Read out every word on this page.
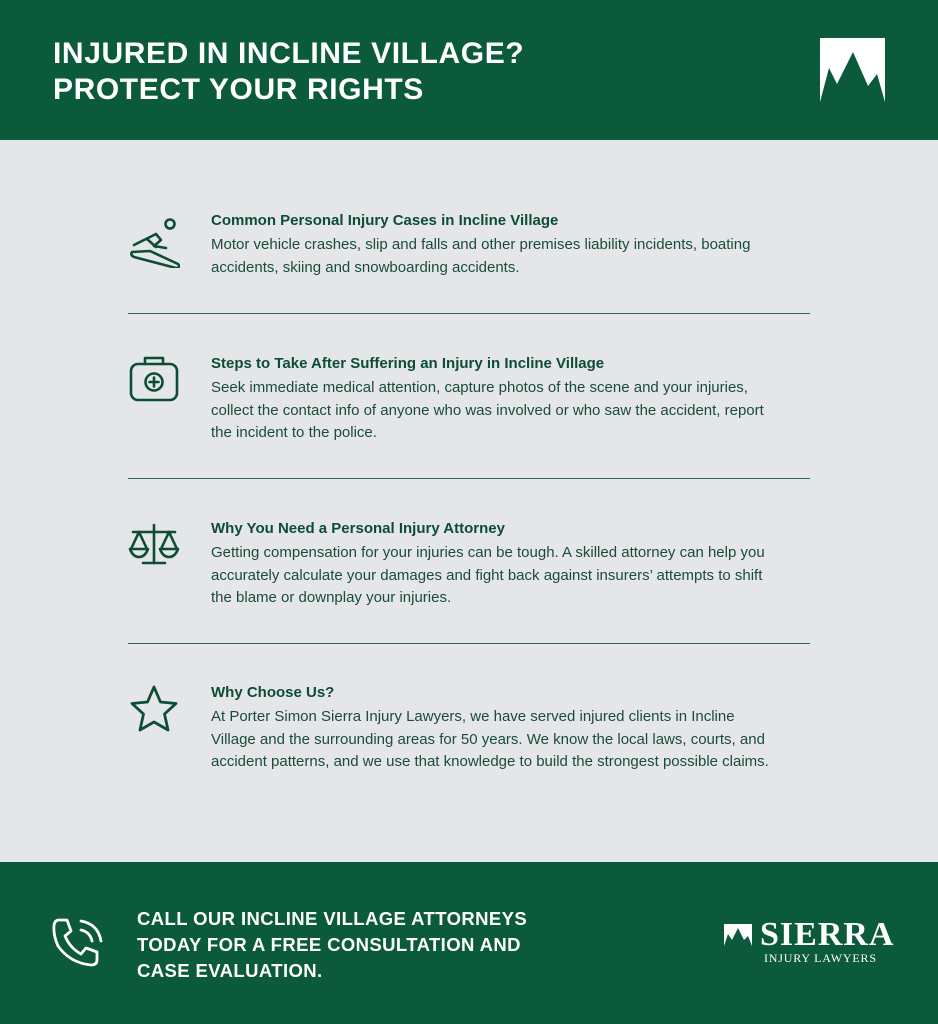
INJURED IN INCLINE VILLAGE?
PROTECT YOUR RIGHTS
Common Personal Injury Cases in Incline Village
Motor vehicle crashes, slip and falls and other premises liability incidents, boating accidents, skiing and snowboarding accidents.
Steps to Take After Suffering an Injury in Incline Village
Seek immediate medical attention, capture photos of the scene and your injuries, collect the contact info of anyone who was involved or who saw the accident, report the incident to the police.
Why You Need a Personal Injury Attorney
Getting compensation for your injuries can be tough. A skilled attorney can help you accurately calculate your damages and fight back against insurers’ attempts to shift the blame or downplay your injuries.
Why Choose Us?
At Porter Simon Sierra Injury Lawyers, we have served injured clients in Incline Village and the surrounding areas for 50 years. We know the local laws, courts, and accident patterns, and we use that knowledge to build the strongest possible claims.
CALL OUR INCLINE VILLAGE ATTORNEYS
TODAY FOR A FREE CONSULTATION AND
CASE EVALUATION.
SIERRA
INJURY LAWYERS
